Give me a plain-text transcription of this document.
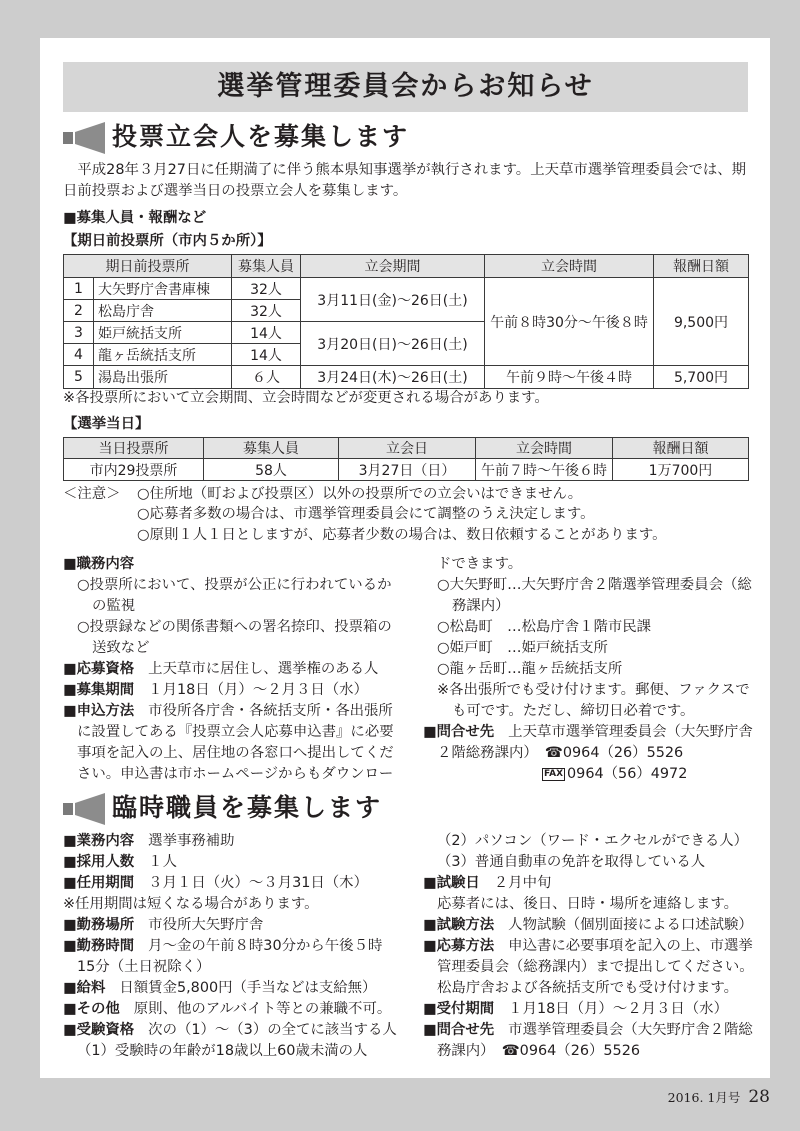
選挙管理委員会からお知らせ
投票立会人を募集します
　平成28年３月27日に任期満了に伴う熊本県知事選挙が執行されます。上天草市選挙管理委員会では、期
日前投票および選挙当日の投票立会人を募集します。
■募集人員・報酬など
【期日前投票所（市内５か所）】
期日前投票所		募集人員	立会期間	立会時間	報酬日額
1	大矢野庁舎書庫棟	32人	3月11日(金)～26日(土)	午前８時30分～午後８時	9,500円
2	松島庁舎	32人			
3	姫戸統括支所	14人	3月20日(日)～26日(土)		
4	龍ヶ岳統括支所	14人			
5	湯島出張所	６人	3月24日(木)～26日(土)	午前９時～午後４時	5,700円
※各投票所において立会期間、立会時間などが変更される場合があります。
【選挙当日】
当日投票所	募集人員	立会日	立会時間	報酬日額
市内29投票所	58人	3月27日（日）	午前７時～午後６時	1万700円
＜注意＞ ○住所地（町および投票区）以外の投票所での立会いはできません。
○応募者多数の場合は、市選挙管理委員会にて調整のうえ決定します。
○原則１人１日としますが、応募者少数の場合は、数日依頼することがあります。
■職務内容
○投票所において、投票が公正に行われているか
の監視
○投票録などの関係書類への署名捺印、投票箱の
送致など
■応募資格 上天草市に居住し、選挙権のある人
■募集期間 １月18日（月）～２月３日（水）
■申込方法 市役所各庁舎・各統括支所・各出張所
に設置してある『投票立会人応募申込書』に必要
事項を記入の上、居住地の各窓口へ提出してくだ
さい。申込書は市ホームページからもダウンロー
ドできます。
○大矢野町…大矢野庁舎２階選挙管理委員会（総
務課内）
○松島町　…松島庁舎１階市民課
○姫戸町　…姫戸統括支所
○龍ヶ岳町…龍ヶ岳統括支所
※各出張所でも受け付けます。郵便、ファクスで
も可です。ただし、締切日必着です。
■問合せ先 上天草市選挙管理委員会（大矢野庁舎
２階総務課内）　☎0964（26）5526
FAX 0964（56）4972
臨時職員を募集します
■業務内容 選挙事務補助
■採用人数 １人
■任用期間 ３月１日（火）～３月31日（木）
※任用期間は短くなる場合があります。
■勤務場所 市役所大矢野庁舎
■勤務時間 月～金の午前８時30分から午後５時
15分（土日祝除く）
■給料 日額賃金5,800円（手当などは支給無）
■その他 原則、他のアルバイト等との兼職不可。
■受験資格 次の（1）～（3）の全てに該当する人
（1）受験時の年齢が18歳以上60歳未満の人
（2）パソコン（ワード・エクセルができる人）
（3）普通自動車の免許を取得している人
■試験日 ２月中旬
応募者には、後日、日時・場所を連絡します。
■試験方法 人物試験（個別面接による口述試験）
■応募方法 申込書に必要事項を記入の上、市選挙
管理委員会（総務課内）まで提出してください。
松島庁舎および各統括支所でも受け付けます。
■受付期間 １月18日（月）～２月３日（水）
■問合せ先 市選挙管理委員会（大矢野庁舎２階総
務課内）　☎0964（26）5526
2016. 1月号 28
